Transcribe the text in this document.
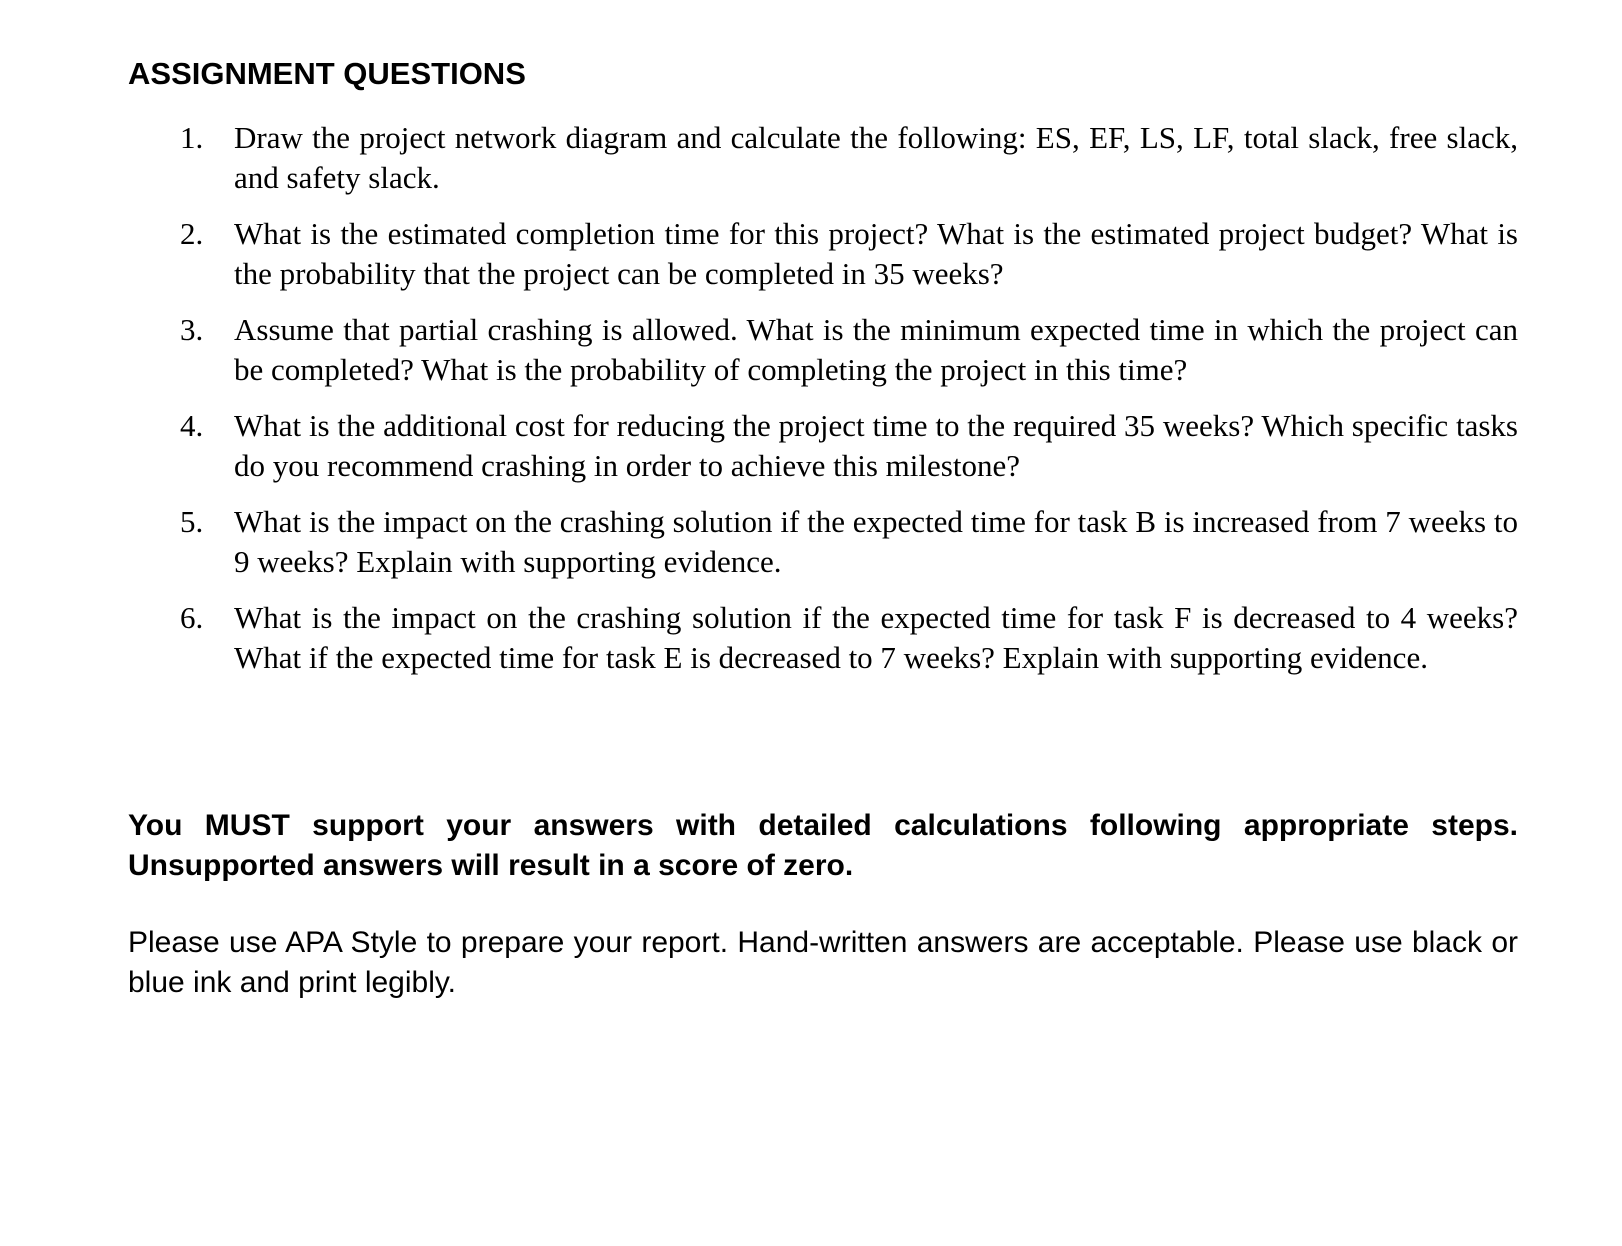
ASSIGNMENT QUESTIONS
1. Draw the project network diagram and calculate the following: ES, EF, LS, LF, total slack, free slack, and safety slack.
2. What is the estimated completion time for this project? What is the estimated project budget? What is the probability that the project can be completed in 35 weeks?
3. Assume that partial crashing is allowed. What is the minimum expected time in which the project can be completed? What is the probability of completing the project in this time?
4. What is the additional cost for reducing the project time to the required 35 weeks? Which specific tasks do you recommend crashing in order to achieve this milestone?
5. What is the impact on the crashing solution if the expected time for task B is increased from 7 weeks to 9 weeks? Explain with supporting evidence.
6. What is the impact on the crashing solution if the expected time for task F is decreased to 4 weeks? What if the expected time for task E is decreased to 7 weeks? Explain with supporting evidence.

You MUST support your answers with detailed calculations following appropriate steps. Unsupported answers will result in a score of zero.

Please use APA Style to prepare your report. Hand-written answers are acceptable. Please use black or blue ink and print legibly.
